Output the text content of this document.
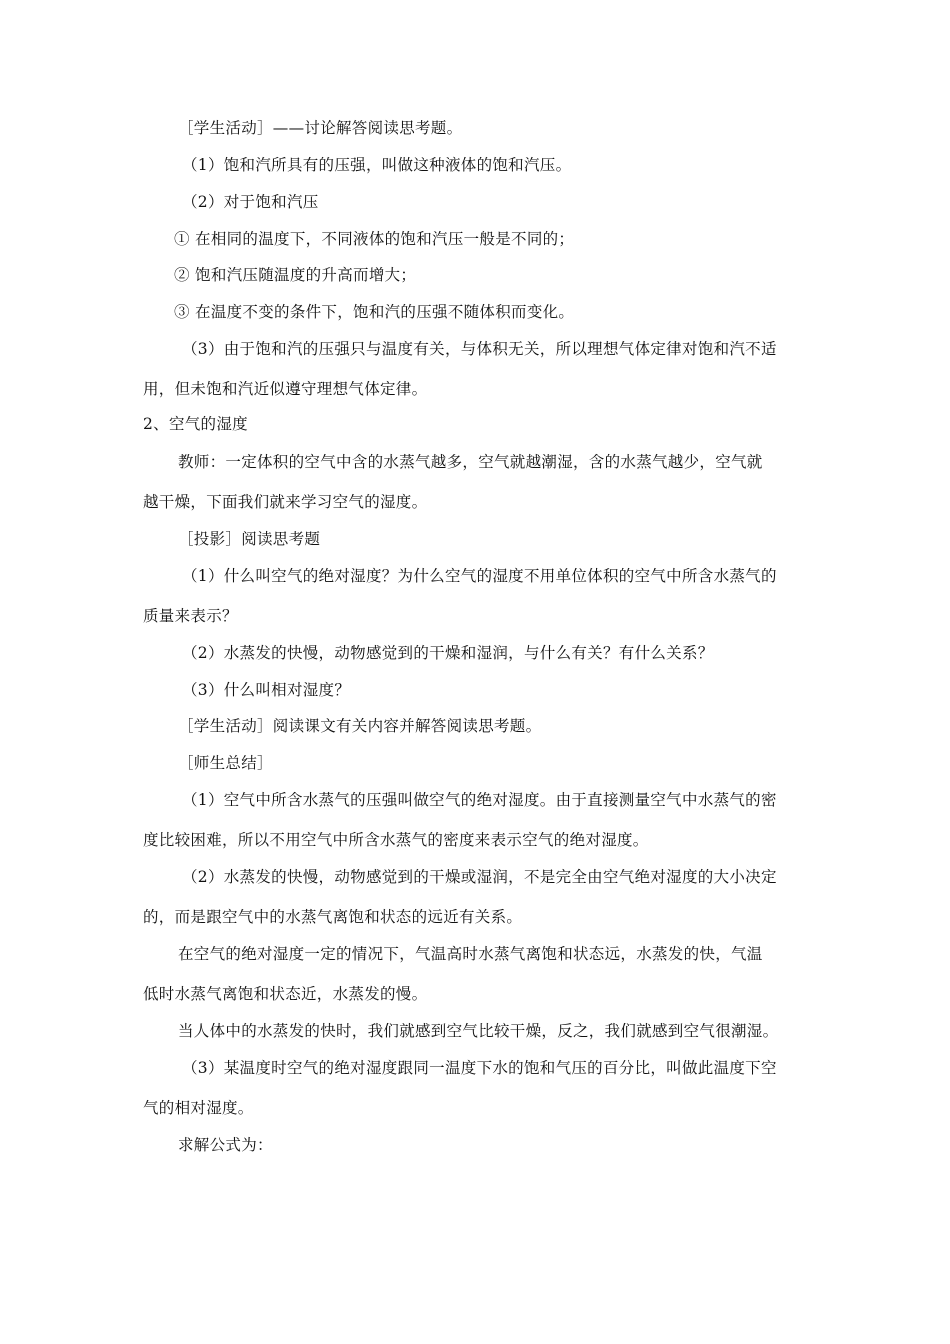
［学生活动］——讨论解答阅读思考题。
（1）饱和汽所具有的压强，叫做这种液体的饱和汽压。
（2）对于饱和汽压
① 在相同的温度下，不同液体的饱和汽压一般是不同的；
② 饱和汽压随温度的升高而增大；
③ 在温度不变的条件下，饱和汽的压强不随体积而变化。
（3）由于饱和汽的压强只与温度有关，与体积无关，所以理想气体定律对饱和汽不适
用，但未饱和汽近似遵守理想气体定律。
2、空气的湿度
教师：一定体积的空气中含的水蒸气越多，空气就越潮湿，含的水蒸气越少，空气就
越干燥，下面我们就来学习空气的湿度。
［投影］阅读思考题
（1）什么叫空气的绝对湿度？为什么空气的湿度不用单位体积的空气中所含水蒸气的
质量来表示？
（2）水蒸发的快慢，动物感觉到的干燥和湿润，与什么有关？有什么关系？
（3）什么叫相对湿度？
［学生活动］阅读课文有关内容并解答阅读思考题。
［师生总结］
（1）空气中所含水蒸气的压强叫做空气的绝对湿度。由于直接测量空气中水蒸气的密
度比较困难，所以不用空气中所含水蒸气的密度来表示空气的绝对湿度。
（2）水蒸发的快慢，动物感觉到的干燥或湿润，不是完全由空气绝对湿度的大小决定
的，而是跟空气中的水蒸气离饱和状态的远近有关系。
在空气的绝对湿度一定的情况下，气温高时水蒸气离饱和状态远，水蒸发的快，气温
低时水蒸气离饱和状态近，水蒸发的慢。
当人体中的水蒸发的快时，我们就感到空气比较干燥，反之，我们就感到空气很潮湿。
（3）某温度时空气的绝对湿度跟同一温度下水的饱和气压的百分比，叫做此温度下空
气的相对湿度。
求解公式为：
